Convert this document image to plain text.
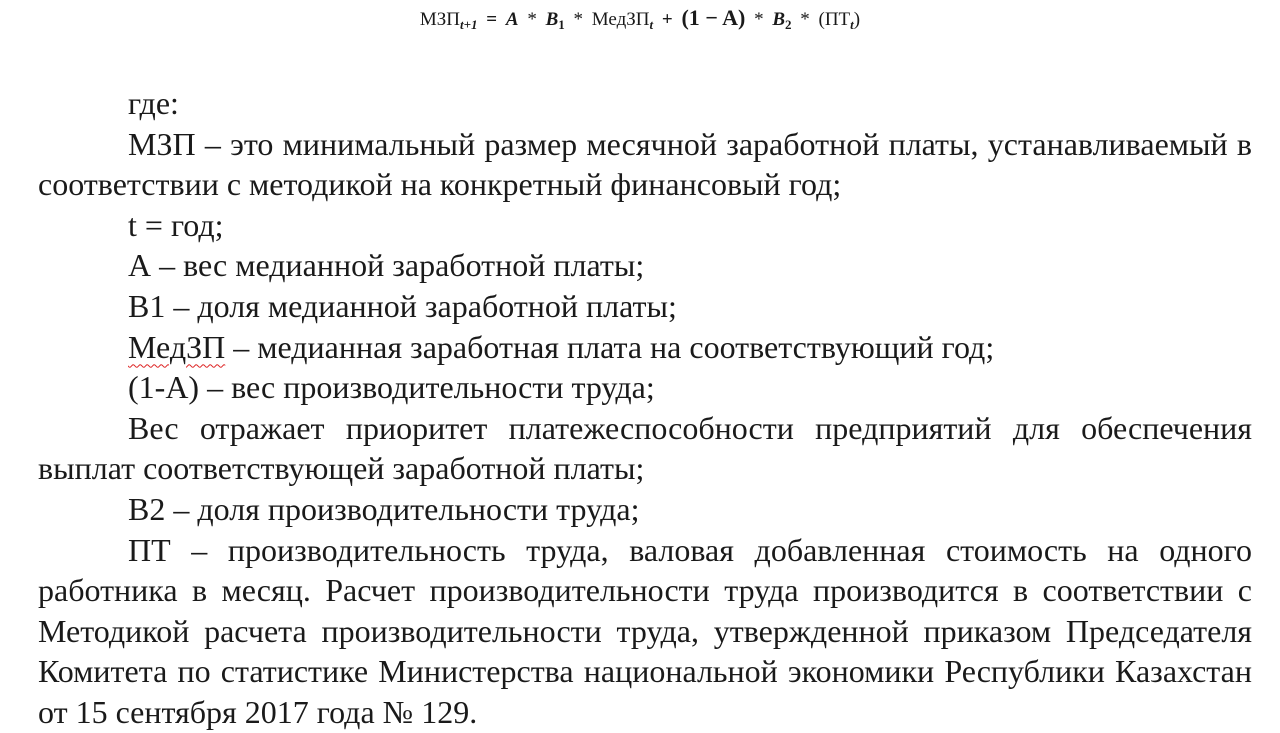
$МЗП_{t+1} = A * B_1$ * МедЗП$_t$ + $(1 - A) * B_2 * (ПТ_t)$

где:

МЗП – это минимальный размер месячной заработной платы, устанавливаемый в соответствии с методикой на конкретный финансовый год;

t = год;

А – вес медианной заработной платы;

В1 – доля медианной заработной платы;

МедЗП – медианная заработная плата на соответствующий год;

(1-А) – вес производительности труда;

Вес отражает приоритет платежеспособности предприятий для обеспечения выплат соответствующей заработной платы;

В2 – доля производительности труда;

ПТ – производительность труда, валовая добавленная стоимость на одного работника в месяц. Расчет производительности труда производится в соответствии с Методикой расчета производительности труда, утвержденной приказом Председателя Комитета по статистике Министерства национальной экономики Республики Казахстан от 15 сентября 2017 года № 129.
